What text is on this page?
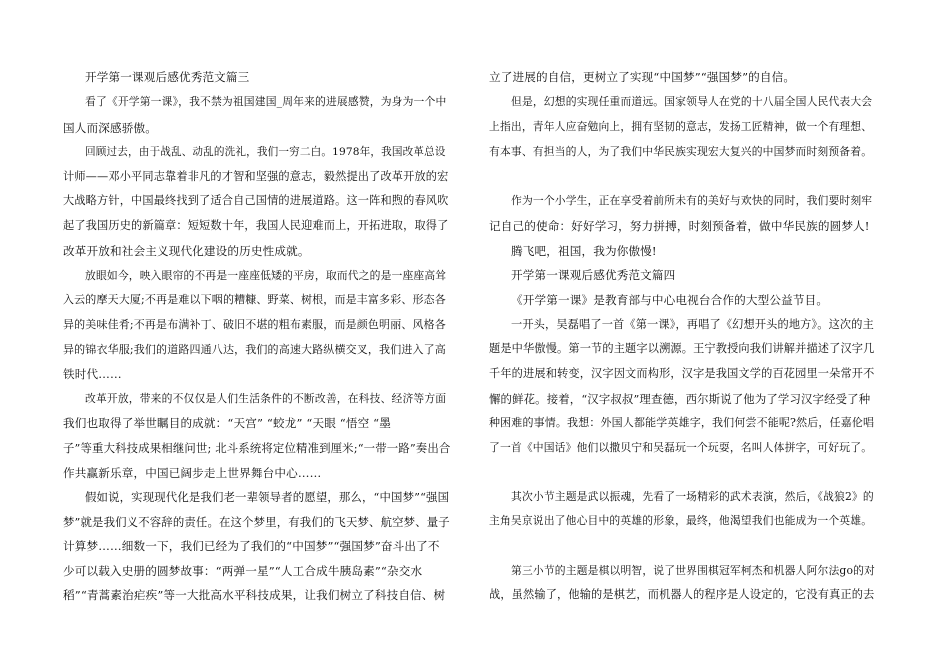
开学第一课观后感优秀范文篇三
看了《开学第一课》，我不禁为祖国建国_周年来的进展感赞，为身为一个中
国人而深感骄傲。
回顾过去，由于战乱、动乱的洗礼，我们一穷二白。1978年，我国改革总设
计师——邓小平同志靠着非凡的才智和坚强的意志，毅然提出了改革开放的宏
大战略方针，中国最终找到了适合自己国情的进展道路。这一阵和煦的春风吹
起了我国历史的新篇章：短短数十年，我国人民迎难而上，开拓进取，取得了
改革开放和社会主义现代化建设的历史性成就。
放眼如今，映入眼帘的不再是一座座低矮的平房，取而代之的是一座座高耸
入云的摩天大厦;不再是难以下咽的糟糠、野菜、树根，而是丰富多彩、形态各
异的美味佳肴;不再是布满补丁、破旧不堪的粗布素服，而是颜色明丽、风格各
异的锦衣华服;我们的道路四通八达，我们的高速大路纵横交叉，我们进入了高
铁时代……
改革开放，带来的不仅仅是人们生活条件的不断改善，在科技、经济等方面
我们也取得了举世瞩目的成就：“天宫” “蛟龙” “天眼 “悟空 “墨
子”等重大科技成果相继问世; 北斗系统将定位精准到厘米;“一带一路”奏出合
作共赢新乐章，中国已阔步走上世界舞台中心……
假如说，实现现代化是我们老一辈领导者的愿望，那么，“中国梦”“强国
梦”就是我们义不容辞的责任。在这个梦里，有我们的飞天梦、航空梦、量子
计算梦……细数一下，我们已经为了我们的“中国梦”“强国梦”奋斗出了不
少可以载入史册的圆梦故事：“两弹一星”“人工合成牛胰岛素”“杂交水
稻”“青蒿素治疟疾”等一大批高水平科技成果，让我们树立了科技自信、树
立了进展的自信，更树立了实现“中国梦”“强国梦”的自信。
但是，幻想的实现任重而道远。国家领导人在党的十八届全国人民代表大会
上指出，青年人应奋勉向上，拥有坚韧的意志，发扬工匠精神，做一个有理想、
有本事、有担当的人，为了我们中华民族实现宏大复兴的中国梦而时刻预备着。
作为一个小学生，正在享受着前所未有的美好与欢快的同时，我们要时刻牢
记自己的使命：好好学习，努力拼搏，时刻预备着，做中华民族的圆梦人!
腾飞吧，祖国，我为你傲慢!
开学第一课观后感优秀范文篇四
《开学第一课》是教育部与中心电视台合作的大型公益节目。
一开头，吴磊唱了一首《第一课》，再唱了《幻想开头的地方》。这次的主
题是中华傲慢。第一节的主题字以溯源。王宁教授向我们讲解并描述了汉字几
千年的进展和转变，汉字因文而构形，汉字是我国文学的百花园里一朵常开不
懈的鲜花。接着，“汉字叔叔”理查德，西尔斯说了他为了学习汉字经受了种
种困难的事情。我想：外国人都能学英雄字，我们何尝不能呢?然后，任嘉伦唱
了一首《中国话》他们以撒贝宁和吴磊玩一个玩耍，名叫人体拼字，可好玩了。
其次小节主题是武以振魂，先看了一场精彩的武术表演，然后，《战狼2》的
主角吴京说出了他心目中的英雄的形象，最终，他渴望我们也能成为一个英雄。
第三小节的主题是棋以明智，说了世界围棋冠军柯杰和机器人阿尔法go的对
战，虽然输了，他输的是棋艺，而机器人的程序是人设定的，它没有真正的去
